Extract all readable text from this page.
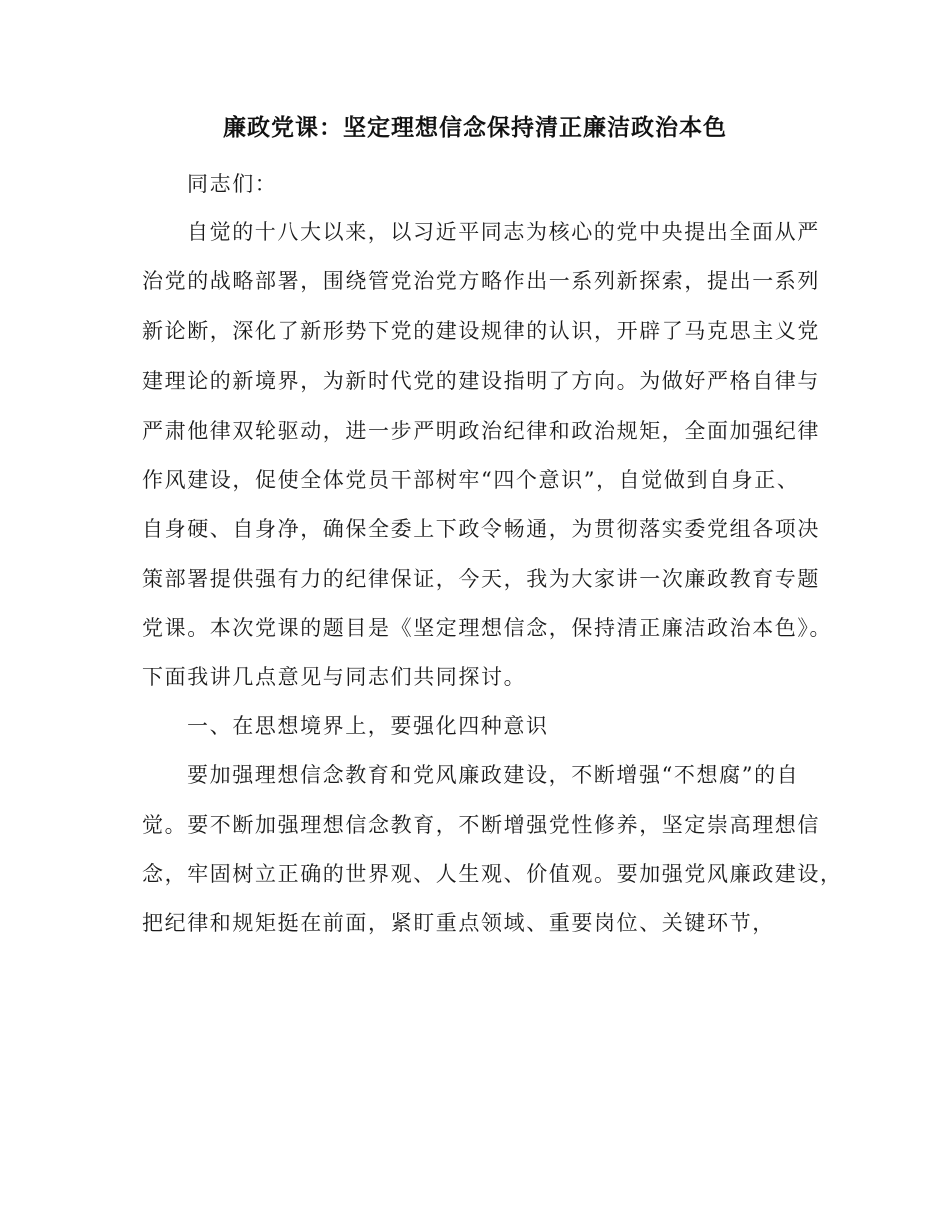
廉政党课：坚定理想信念保持清正廉洁政治本色
同志们：
自觉的十八大以来，以习近平同志为核心的党中央提出全面从严
治党的战略部署，围绕管党治党方略作出一系列新探索，提出一系列
新论断，深化了新形势下党的建设规律的认识，开辟了马克思主义党
建理论的新境界，为新时代党的建设指明了方向。为做好严格自律与
严肃他律双轮驱动，进一步严明政治纪律和政治规矩，全面加强纪律
作风建设，促使全体党员干部树牢“四个意识”，自觉做到自身正、
自身硬、自身净，确保全委上下政令畅通，为贯彻落实委党组各项决
策部署提供强有力的纪律保证，今天，我为大家讲一次廉政教育专题
党课。本次党课的题目是《坚定理想信念，保持清正廉洁政治本色》。
下面我讲几点意见与同志们共同探讨。
一、在思想境界上，要强化四种意识
要加强理想信念教育和党风廉政建设，不断增强“不想腐”的自
觉。要不断加强理想信念教育，不断增强党性修养，坚定崇高理想信
念，牢固树立正确的世界观、人生观、价值观。要加强党风廉政建设，
把纪律和规矩挺在前面，紧盯重点领域、重要岗位、关键环节，
